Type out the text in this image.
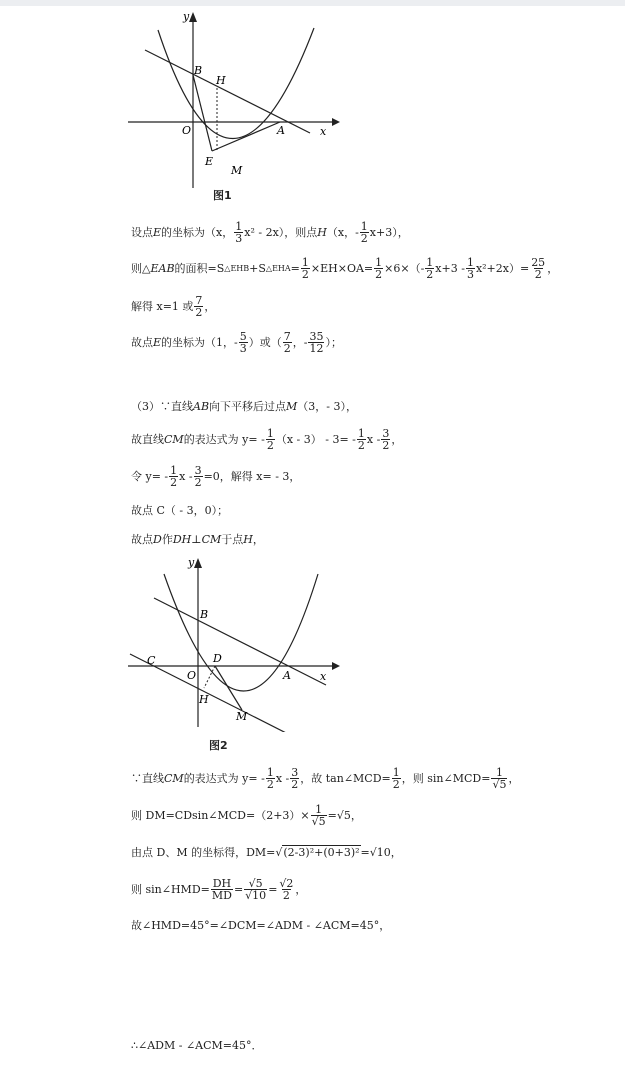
y
x
B
H
O	A
E
M
图1
设点 E 的坐标为（x， $\frac{1}{3} x^2 - 2x$），则点 H （x，- $\frac{1}{2} x+3$），
则△ EAB 的面积=S △EHB +S △EHA = $\frac{1}{2} \times EH\times OA= \frac{1}{2} \times 6\times(- \frac{1}{2} x+3 - \frac{1}{3} x^2+2x)= \frac{25}{2}$ ，
解得 x=1 或 $\frac{7}{2}$ ，
故点 E 的坐标为（1，- $\frac{5}{3}$ ）或（ $\frac{7}{2}$ ，- $\frac{35}{12}$ ）；
（3）∵直线 AB 向下平移后过点 M （3，- 3），
故直线 CM 的表达式为 $y= - \frac{1}{2} (x - 3) - 3= - \frac{1}{2}$ x - $\frac{3}{2}$ ，
令 $y= - \frac{1}{2}$ $x - \frac{3}{2} =0$，解得 x= - 3，
故点 C（ - 3，0）；
故点 D 作 DH⊥CM 于点 H ，
y
x
B
C	D
O	A
H
M
图2
∵直线 CM 的表达式为 $y= - \frac{1}{2}$ x - $\frac{3}{2}$ ，故 tan∠MCD= $\frac{1}{2}$ ，则 sin∠MCD= $\frac{1}{√5}$ ，
则 DM=CDsin∠MCD=（2+3）× $\frac{1}{√5} =√5$，
由点 D、M 的坐标得，DM= √ (2-3)²+(0+3)² =√10，
则 sin∠HMD= $\frac{DH}{MD} = \frac{√5}{√10} = \frac{√2}{2}$ ，
故∠HMD=45°=∠DCM=∠ADM - ∠ACM=45°，
∴∠ADM - ∠ACM=45°．
